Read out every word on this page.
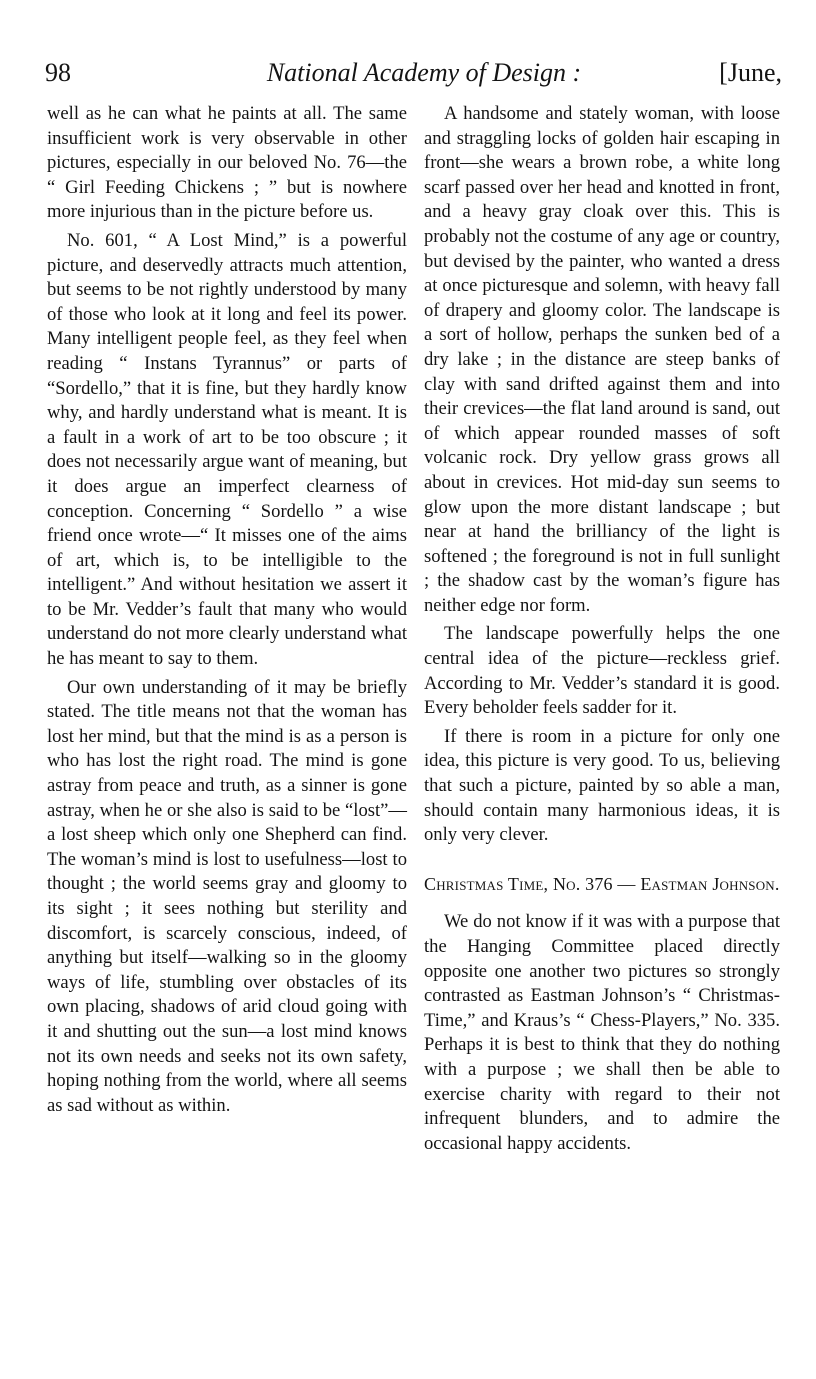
98	National Academy of Design :	[June,

well as he can what he paints at all. The same insufficient work is very observable in other pictures, especially in our beloved No. 76—the “ Girl Feeding Chickens ; ” but is nowhere more injurious than in the picture before us.

No. 601, “ A Lost Mind,” is a powerful picture, and deservedly attracts much attention, but seems to be not rightly understood by many of those who look at it long and feel its power. Many intelligent people feel, as they feel when reading “ Instans Tyrannus” or parts of “Sordello,” that it is fine, but they hardly know why, and hardly understand what is meant. It is a fault in a work of art to be too obscure ; it does not necessarily argue want of meaning, but it does argue an imperfect clearness of conception. Concerning “ Sordello ” a wise friend once wrote—“ It misses one of the aims of art, which is, to be intelligible to the intelligent.” And without hesitation we assert it to be Mr. Vedder’s fault that many who would understand do not more clearly understand what he has meant to say to them.

Our own understanding of it may be briefly stated. The title means not that the woman has lost her mind, but that the mind is as a person is who has lost the right road. The mind is gone astray from peace and truth, as a sinner is gone astray, when he or she also is said to be “lost”—a lost sheep which only one Shepherd can find. The woman’s mind is lost to usefulness—lost to thought ; the world seems gray and gloomy to its sight ; it sees nothing but sterility and discomfort, is scarcely conscious, indeed, of anything but itself—walking so in the gloomy ways of life, stumbling over obstacles of its own placing, shadows of arid cloud going with it and shutting out the sun—a lost mind knows not its own needs and seeks not its own safety, hoping nothing from the world, where all seems as sad without as within.

A handsome and stately woman, with loose and straggling locks of golden hair escaping in front—she wears a brown robe, a white long scarf passed over her head and knotted in front, and a heavy gray cloak over this. This is probably not the costume of any age or country, but devised by the painter, who wanted a dress at once picturesque and solemn, with heavy fall of drapery and gloomy color. The landscape is a sort of hollow, perhaps the sunken bed of a dry lake ; in the distance are steep banks of clay with sand drifted against them and into their crevices—the flat land around is sand, out of which appear rounded masses of soft volcanic rock. Dry yellow grass grows all about in crevices. Hot mid-day sun seems to glow upon the more distant landscape ; but near at hand the brilliancy of the light is softened ; the foreground is not in full sunlight ; the shadow cast by the woman’s figure has neither edge nor form.

The landscape powerfully helps the one central idea of the picture—reckless grief. According to Mr. Vedder’s standard it is good. Every beholder feels sadder for it.

If there is room in a picture for only one idea, this picture is very good. To us, believing that such a picture, painted by so able a man, should contain many harmonious ideas, it is only very clever.

Christmas Time, No. 376 — Eastman Johnson.

We do not know if it was with a purpose that the Hanging Committee placed directly opposite one another two pictures so strongly contrasted as Eastman Johnson’s “ Christmas-Time,” and Kraus’s “ Chess-Players,” No. 335. Perhaps it is best to think that they do nothing with a purpose ; we shall then be able to exercise charity with regard to their not infrequent blunders, and to admire the occasional happy accidents.
